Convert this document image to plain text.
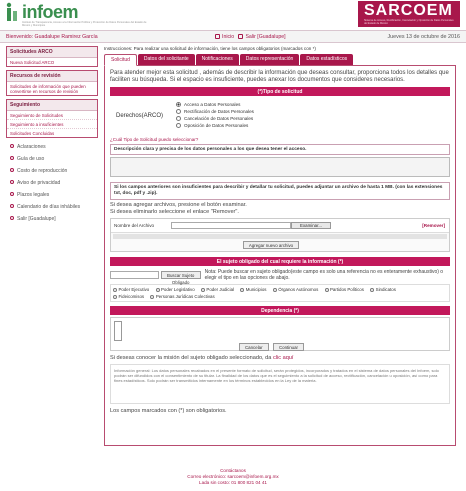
infoem
Instituto de Transparencia, Acceso a la Información Pública y Protección de Datos Personales del Estado de México y Municipios
SARCOEM
Sistema de Acceso, Rectificación, Cancelación y Oposición de Datos Personales del Estado de México
Bienvenido: Guadalupe Ramirez García	Inicio Salir [Guadalupe]	Jueves 13 de octubre de 2016
Solicitudes ARCO
Nueva Solicitud ARCO
Recursos de revisión
Solicitudes de información que pueden convertirse en recursos de revisión
Seguimiento
Seguimiento de Solicitudes
Seguimiento a insuficientes
Solicitudes Concluidas
Aclaraciones
Guía de uso
Costo de reproducción
Aviso de privacidad
Plazos legales
Calendario de días inhábiles
Salir [Guadalupe]
Instrucciones: Para realizar una solicitud de información, tiene los campos obligatorios (marcados con *)
Solicitud	Datos del solicitante	Notificaciones	Datos representación	Datos estadísticos
Para atender mejor esta solicitud , además de describir la información que deseas consultar, proporciona todos los detalles que faciliten su búsqueda. Si el espacio es insuficiente, puedes anexar los documentos que consideres necesarios.
(*)Tipo de solicitud
Derechos(ARCO)
Acceso a Datos Personales
Rectificación de Datos Personales
Cancelación de Datos Personales
Oposición de Datos Personales
¿Cuál Tipo de Solicitud puedo seleccionar?
Descripción clara y precisa de los datos personales a los que desea tener el acceso.
Si los campos anteriores son insuficientes para describir y detallar tu solicitud, puedes adjuntar un archivo de hasta 1 MB. (con las extensiones txt, doc, pdf y .zip).
Si desea agregar archivos, presione el botón examinar.
Si desea eliminarlo seleccione el enlace "Remover".
Nombre del Archivo	Examinar...	[Remover]
Agregar nuevo archivo
El sujeto obligado del cual requiere la información (*)
Buscar Sujeto Obligado
Nota: Puede buscar en sujeto obligado(este campo es solo una referencia no es enteramente exhaustivo) o elegir el tipo en las opciones de abajo.
Poder Ejecutivo	Poder Legislativo	Poder Judicial	Municipios	Órganos Autónomos	Partidos Políticos	Sindicatos
Fideicomisos	Personas Jurídicas Colectivas
Dependencia (*)
Cancelar	Continuar
Si deseas conocer la misión del sujeto obligado seleccionado, da clic aquí
Información general: Los datos personales recabados en el presente formato de solicitud, serán protegidos, incorporados y tratados en el sistema de datos personales del Infoem, solo podrán ser difundidos con el consentimiento de su titular. La finalidad de los datos que es el seguimiento a la solicitud de acceso, rectificación, cancelación u oposición, así como para fines estadísticos. Solo podrán ser transmitidos internamente en los términos establecidos en la Ley de la materia.
Los campos marcados con (*) son obligatorios.
Contáctanos
Correo electrónico: sarcoem@infoem.org.mx
Lada sin costo: 01 800 821 04 41
